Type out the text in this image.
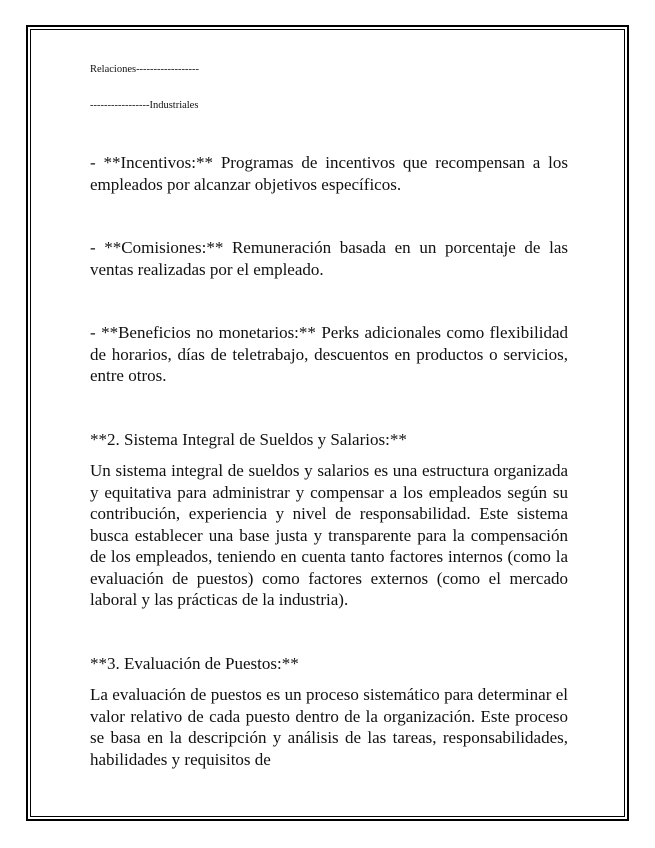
Relaciones------------------

-----------------Industriales

- **Incentivos:** Programas de incentivos que recompensan a los empleados por alcanzar objetivos específicos.

- **Comisiones:** Remuneración basada en un porcentaje de las ventas realizadas por el empleado.

- **Beneficios no monetarios:** Perks adicionales como flexibilidad de horarios, días de teletrabajo, descuentos en productos o servicios, entre otros.

**2. Sistema Integral de Sueldos y Salarios:**

Un sistema integral de sueldos y salarios es una estructura organizada y equitativa para administrar y compensar a los empleados según su contribución, experiencia y nivel de responsabilidad. Este sistema busca establecer una base justa y transparente para la compensación de los empleados, teniendo en cuenta tanto factores internos (como la evaluación de puestos) como factores externos (como el mercado laboral y las prácticas de la industria).

**3. Evaluación de Puestos:**

La evaluación de puestos es un proceso sistemático para determinar el valor relativo de cada puesto dentro de la organización. Este proceso se basa en la descripción y análisis de las tareas, responsabilidades, habilidades y requisitos de
